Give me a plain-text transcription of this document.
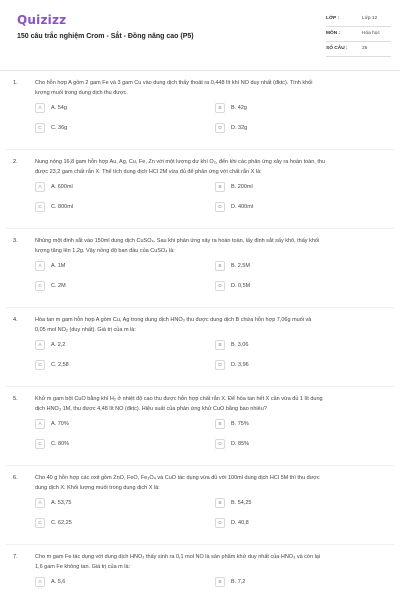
Quizizz
150 câu trắc nghiệm Crom - Sắt - Đồng nâng cao (P5)
LỚP :	Lớp 12
MÔN :	Hóa học
SỐ CÂU :	25
1.	Cho hỗn hợp A gồm 2 gam Fe và 3 gam Cu vào dung dịch thấy thoát ra 0,448 lít khí NO duy nhất (đktc). Tính khối
lượng muối trong dung dịch thu được.
A	A. 54g	B	B. 42g
C	C. 36g	D	D. 32g
2.	Nung nóng 16,8 gam hỗn hợp Au, Ag, Cu, Fe, Zn với một lượng dư khí O₂, đến khi các phản ứng xảy ra hoàn toàn, thu
được 23,2 gam chất rắn X. Thể tích dung dịch HCl 2M vừa đủ để phản ứng với chất rắn X là:
A	A. 600ml	B	B. 200ml
C	C. 800ml	D	D. 400ml
3.	Nhúng một đinh sắt vào 150ml dung dịch CuSO₄. Sau khi phản ứng xảy ra hoàn toàn, lấy đinh sắt sấy khô, thấy khối
lượng tăng lên 1,2g. Vậy nồng độ ban đầu của CuSO₄ là:
A	A. 1M	B	B. 2,5M
C	C. 2M	D	D. 0,5M
4.	Hòa tan m gam hỗn hợp A gồm Cu, Ag trong dung dịch HNO₃ thu được dung dịch B chứa hỗn hợp 7,06g muối và
0,05 mol NO₂ (duy nhất). Giá trị của m là:
A	A. 2,2	B	B. 3,06
C	C. 2,58	D	D. 3,96
5.	Khử m gam bột CuO bằng khí H₂ ở nhiệt độ cao thu được hỗn hợp chất rắn X. Để hòa tan hết X cần vừa đủ 1 lít dung
dịch HNO₃ 1M, thu được 4,48 lít NO (đktc). Hiệu suất của phản ứng khử CuO bằng bao nhiêu?
A	A. 70%	B	B. 75%
C	C. 80%	D	D. 85%
6.	Cho 40 g hỗn hợp các oxit gồm ZnO, FeO, Fe₃O₄ và CuO tác dụng vừa đủ với 100ml dung dịch HCl 5M thì thu được
dung dịch X. Khối lượng muối trong dung dịch X là:
A	A. 53,75	B	B. 54,25
C	C. 62,25	D	D. 40,8
7.	Cho m gam Fe tác dụng với dung dịch HNO₃ thấy sinh ra 0,1 mol NO là sản phẩm khử duy nhất của HNO₃ và còn lại
1,6 gam Fe không tan. Giá trị của m là:
A	A. 5,6	B	B. 7,2
